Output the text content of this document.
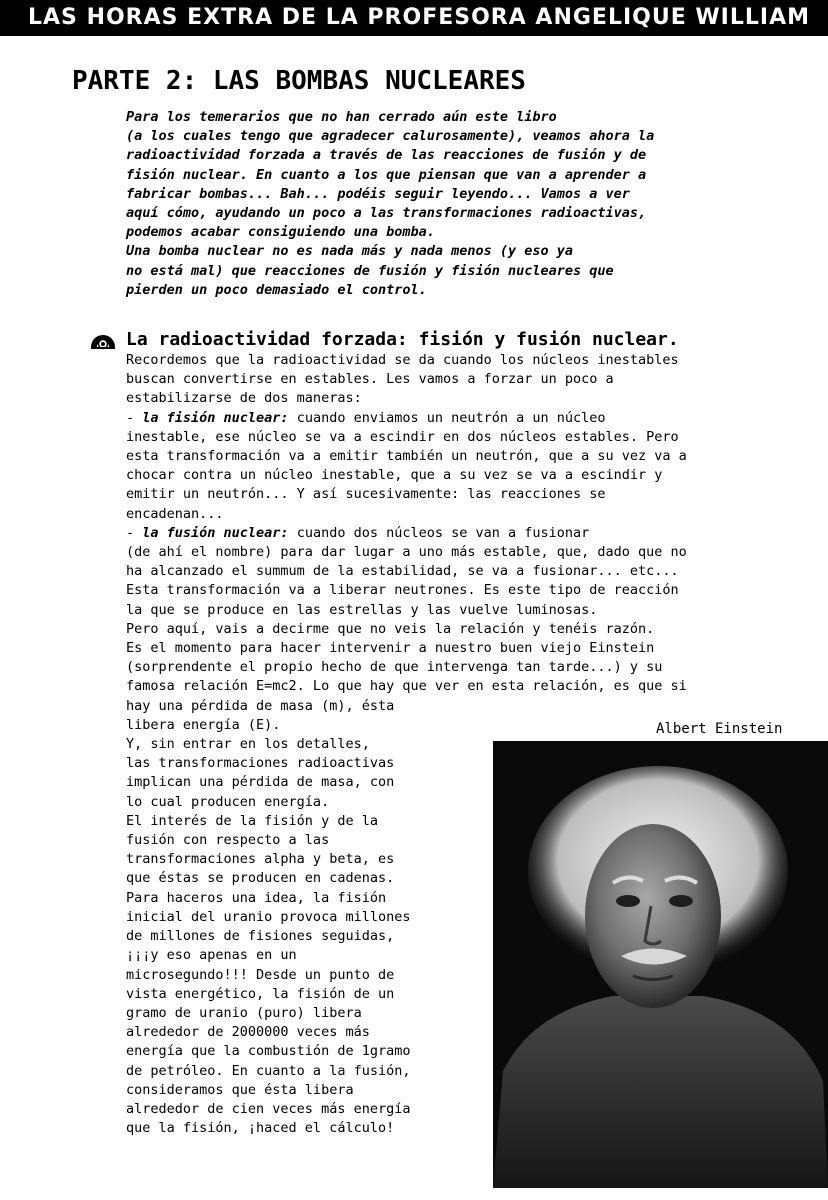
LAS HORAS EXTRA DE LA PROFESORA ANGELIQUE WILLIAM
PARTE 2: LAS BOMBAS NUCLEARES
Para los temerarios que no han cerrado aún este libro
(a los cuales tengo que agradecer calurosamente), veamos ahora la
radioactividad forzada a través de las reacciones de fusión y de
fisión nuclear. En cuanto a los que piensan que van a aprender a
fabricar bombas... Bah... podéis seguir leyendo... Vamos a ver
aquí cómo, ayudando un poco a las transformaciones radioactivas,
podemos acabar consiguiendo una bomba.
Una bomba nuclear no es nada más y nada menos (y eso ya
no está mal) que reacciones de fusión y fisión nucleares que
pierden un poco demasiado el control.
La radioactividad forzada: fisión y fusión nuclear.
Recordemos que la radioactividad se da cuando los núcleos inestables
buscan convertirse en estables. Les vamos a forzar un poco a
estabilizarse de dos maneras:
- la fisión nuclear: cuando enviamos un neutrón a un núcleo
inestable, ese núcleo se va a escindir en dos núcleos estables. Pero
esta transformación va a emitir también un neutrón, que a su vez va a
chocar contra un núcleo inestable, que a su vez se va a escindir y
emitir un neutrón... Y así sucesivamente: las reacciones se
encadenan...
- la fusión nuclear: cuando dos núcleos se van a fusionar
(de ahí el nombre) para dar lugar a uno más estable, que, dado que no
ha alcanzado el summum de la estabilidad, se va a fusionar... etc...
Esta transformación va a liberar neutrones. Es este tipo de reacción
la que se produce en las estrellas y las vuelve luminosas.
Pero aquí, vais a decirme que no veis la relación y tenéis razón.
Es el momento para hacer intervenir a nuestro buen viejo Einstein
(sorprendente el propio hecho de que intervenga tan tarde...) y su
famosa relación E=mc2. Lo que hay que ver en esta relación, es que si
hay una pérdida de masa (m), ésta
libera energía (E).
Y, sin entrar en los detalles,
las transformaciones radioactivas
implican una pérdida de masa, con
lo cual producen energía.
El interés de la fisión y de la
fusión con respecto a las
transformaciones alpha y beta, es
que éstas se producen en cadenas.
Para haceros una idea, la fisión
inicial del uranio provoca millones
de millones de fisiones seguidas,
¡¡¡y eso apenas en un
microsegundo!!! Desde un punto de
vista energético, la fisión de un
gramo de uranio (puro) libera
alrededor de 2000000 veces más
energía que la combustión de 1gramo
de petróleo. En cuanto a la fusión,
consideramos que ésta libera
alrededor de cien veces más energía
que la fisión, ¡haced el cálculo!
Albert Einstein
